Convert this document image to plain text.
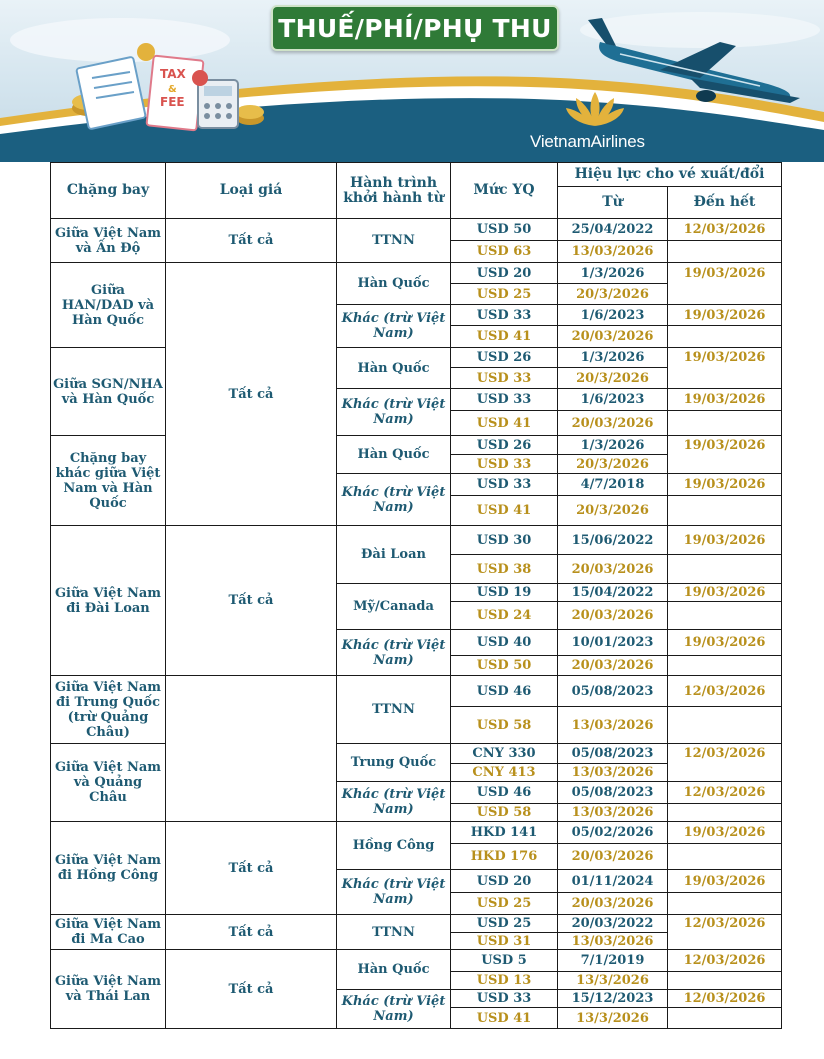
TAX
&
FEE
THUẾ/PHÍ/PHỤ THU
VietnamAirlines
Chặng bay	Loại giá	Hành trình khởi hành từ	Mức YQ	Hiệu lực cho vé xuất/đổi	
				Từ	Đến hết
Giữa Việt Nam và Ấn Độ	Tất cả	TTNN	USD 50	25/04/2022	12/03/2026
			USD 63	13/03/2026	
Giữa HAN/DAD và Hàn Quốc	Tất cả	Hàn Quốc	USD 20	1/3/2026	19/03/2026
			USD 25	20/3/2026	
		Khác (trừ Việt Nam)	USD 33	1/6/2023	19/03/2026
			USD 41	20/03/2026	
Giữa SGN/NHA và Hàn Quốc		Hàn Quốc	USD 26	1/3/2026	19/03/2026
			USD 33	20/3/2026	
		Khác (trừ Việt Nam)	USD 33	1/6/2023	19/03/2026
			USD 41	20/03/2026	
Chặng bay khác giữa Việt Nam và Hàn Quốc		Hàn Quốc	USD 26	1/3/2026	19/03/2026
			USD 33	20/3/2026	
		Khác (trừ Việt Nam)	USD 33	4/7/2018	19/03/2026
			USD 41	20/3/2026	
Giữa Việt Nam đi Đài Loan	Tất cả	Đài Loan	USD 30	15/06/2022	19/03/2026
			USD 38	20/03/2026	
		Mỹ/Canada	USD 19	15/04/2022	19/03/2026
			USD 24	20/03/2026	
		Khác (trừ Việt Nam)	USD 40	10/01/2023	19/03/2026
			USD 50	20/03/2026	
Giữa Việt Nam đi Trung Quốc (trừ Quảng Châu)		TTNN	USD 46	05/08/2023	12/03/2026
			USD 58	13/03/2026	
Giữa Việt Nam và Quảng Châu		Trung Quốc	CNY 330	05/08/2023	12/03/2026
			CNY 413	13/03/2026	
		Khác (trừ Việt Nam)	USD 46	05/08/2023	12/03/2026
			USD 58	13/03/2026	
Giữa Việt Nam đi Hồng Công	Tất cả	Hồng Công	HKD 141	05/02/2026	19/03/2026
			HKD 176	20/03/2026	
		Khác (trừ Việt Nam)	USD 20	01/11/2024	19/03/2026
			USD 25	20/03/2026	
Giữa Việt Nam đi Ma Cao	Tất cả	TTNN	USD 25	20/03/2022	12/03/2026
			USD 31	13/03/2026	
Giữa Việt Nam và Thái Lan	Tất cả	Hàn Quốc	USD 5	7/1/2019	12/03/2026
			USD 13	13/3/2026	
		Khác (trừ Việt Nam)	USD 33	15/12/2023	12/03/2026
			USD 41	13/3/2026	
